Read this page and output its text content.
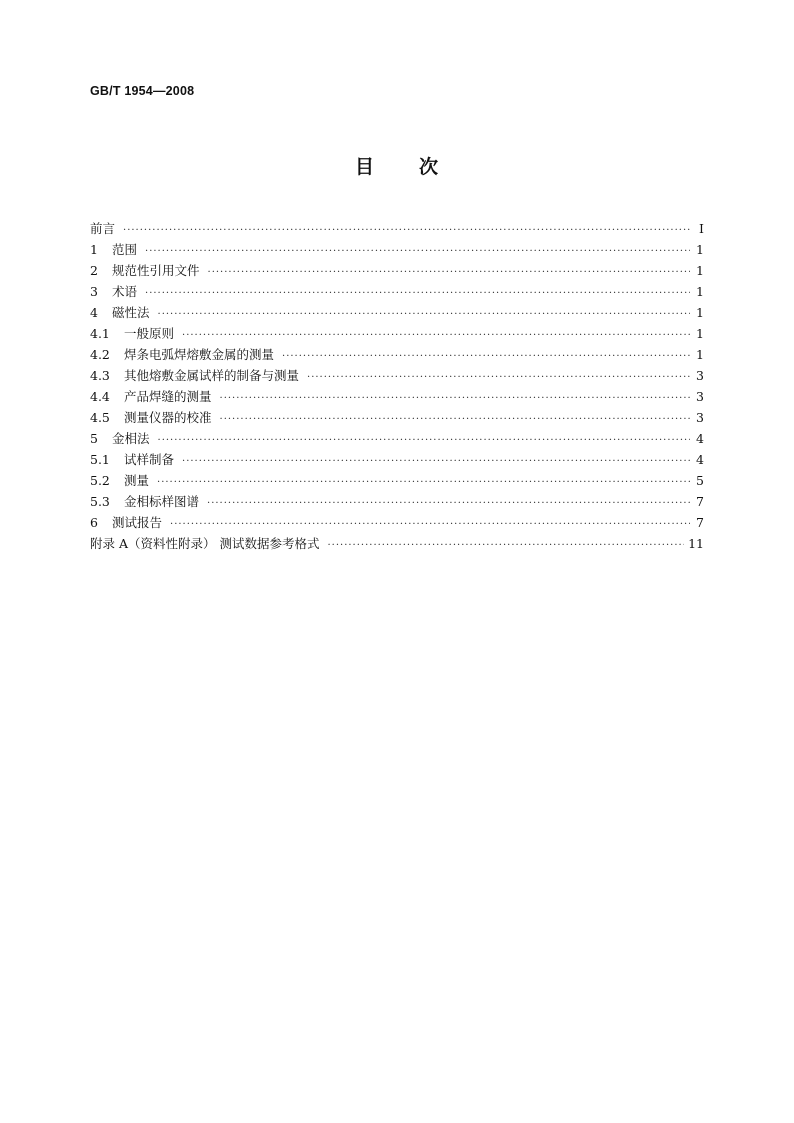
GB/T 1954—2008
目 次
前言 ·····	Ⅰ
1	范围 ·····	1
2	规范性引用文件 ·····	1
3	术语 ·····	1
4	磁性法 ·····	1
4.1	一般原则 ·····	1
4.2	焊条电弧焊熔敷金属的测量 ·····	1
4.3	其他熔敷金属试样的制备与测量 ·····	3
4.4	产品焊缝的测量 ·····	3
4.5	测量仪器的校准 ·····	3
5	金相法 ·····	4
5.1	试样制备 ·····	4
5.2	测量 ·····	5
5.3	金相标样图谱 ·····	7
6	测试报告 ·····	7
附录 A（资料性附录） 测试数据参考格式 ·····	11
